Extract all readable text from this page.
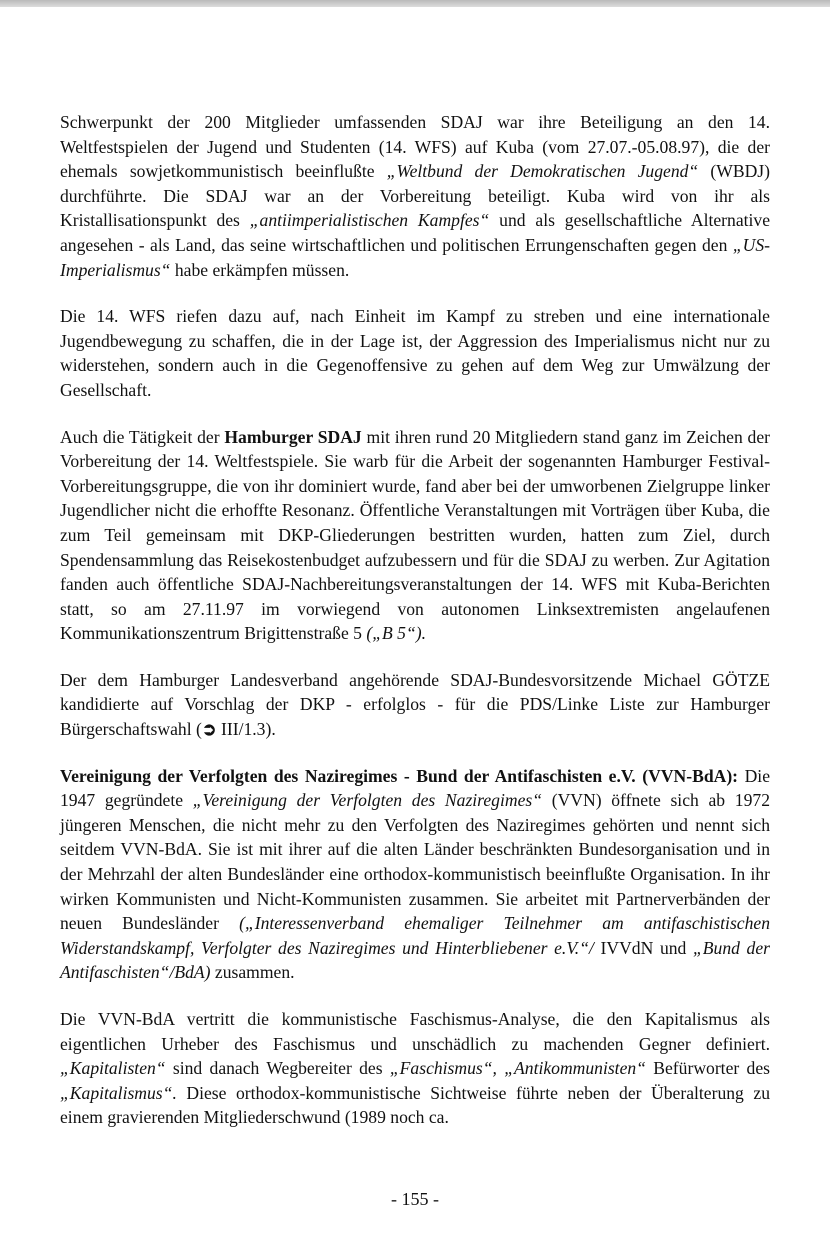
Schwerpunkt der 200 Mitglieder umfassenden SDAJ war ihre Beteiligung an den 14. Weltfestspielen der Jugend und Studenten (14. WFS) auf Kuba (vom 27.07.-05.08.97), die der ehemals sowjetkommunistisch beeinflußte „Weltbund der Demokratischen Jugend“ (WBDJ) durchführte. Die SDAJ war an der Vorbereitung beteiligt. Kuba wird von ihr als Kristallisationspunkt des „antiimperialistischen Kampfes“ und als gesellschaftliche Alternative angesehen - als Land, das seine wirtschaftlichen und politischen Errungenschaften gegen den „US-Imperialismus“ habe erkämpfen müssen.

Die 14. WFS riefen dazu auf, nach Einheit im Kampf zu streben und eine internationale Jugendbewegung zu schaffen, die in der Lage ist, der Aggression des Imperialismus nicht nur zu widerstehen, sondern auch in die Gegenoffensive zu gehen auf dem Weg zur Umwälzung der Gesellschaft.

Auch die Tätigkeit der Hamburger SDAJ mit ihren rund 20 Mitgliedern stand ganz im Zeichen der Vorbereitung der 14. Weltfestspiele. Sie warb für die Arbeit der sogenannten Hamburger Festival-Vorbereitungsgruppe, die von ihr dominiert wurde, fand aber bei der umworbenen Zielgruppe linker Jugendlicher nicht die erhoffte Resonanz. Öffentliche Veranstaltungen mit Vorträgen über Kuba, die zum Teil gemeinsam mit DKP-Gliederungen bestritten wurden, hatten zum Ziel, durch Spendensammlung das Reisekostenbudget aufzubessern und für die SDAJ zu werben. Zur Agitation fanden auch öffentliche SDAJ-Nachbereitungsveranstaltungen der 14. WFS mit Kuba-Berichten statt, so am 27.11.97 im vorwiegend von autonomen Linksextremisten angelaufenen Kommunikationszentrum Brigittenstraße 5 („B 5“).

Der dem Hamburger Landesverband angehörende SDAJ-Bundesvorsitzende Michael GÖTZE kandidierte auf Vorschlag der DKP - erfolglos - für die PDS/Linke Liste zur Hamburger Bürgerschaftswahl (➲ III/1.3).

Vereinigung der Verfolgten des Naziregimes - Bund der Antifaschisten e.V. (VVN-BdA): Die 1947 gegründete „Vereinigung der Verfolgten des Naziregimes“ (VVN) öffnete sich ab 1972 jüngeren Menschen, die nicht mehr zu den Verfolgten des Naziregimes gehörten und nennt sich seitdem VVN-BdA. Sie ist mit ihrer auf die alten Länder beschränkten Bundesorganisation und in der Mehrzahl der alten Bundesländer eine orthodox-kommunistisch beeinflußte Organisation. In ihr wirken Kommunisten und Nicht-Kommunisten zusammen. Sie arbeitet mit Partnerverbänden der neuen Bundesländer („Interessenverband ehemaliger Teilnehmer am antifaschistischen Widerstandskampf, Verfolgter des Naziregimes und Hinterbliebener e.V.“/ IVVdN und „Bund der Antifaschisten“/BdA) zusammen.

Die VVN-BdA vertritt die kommunistische Faschismus-Analyse, die den Kapitalismus als eigentlichen Urheber des Faschismus und unschädlich zu machenden Gegner definiert. „Kapitalisten“ sind danach Wegbereiter des „Faschismus“, „Antikommunisten“ Befürworter des „Kapitalismus“. Diese orthodox-kommunistische Sichtweise führte neben der Überalterung zu einem gravierenden Mitgliederschwund (1989 noch ca.

- 155 -
